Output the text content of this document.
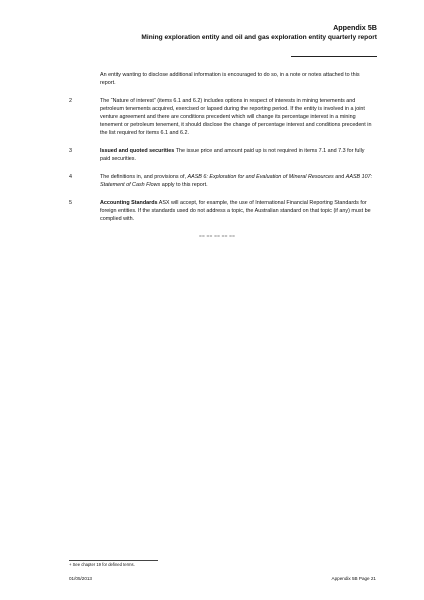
Appendix 5B
Mining exploration entity and oil and gas exploration entity quarterly report
An entity wanting to disclose additional information is encouraged to do so, in a note or notes attached to this report.
2	The “Nature of interest” (items 6.1 and 6.2) includes options in respect of interests in mining tenements and petroleum tenements acquired, exercised or lapsed during the reporting period. If the entity is involved in a joint venture agreement and there are conditions precedent which will change its percentage interest in a mining tenement or petroleum tenement, it should disclose the change of percentage interest and conditions precedent in the list required for items 6.1 and 6.2.
3	Issued and quoted securities The issue price and amount paid up is not required in items 7.1 and 7.3 for fully paid securities.
4	The definitions in, and provisions of, AASB 6: Exploration for and Evaluation of Mineral Resources and AASB 107: Statement of Cash Flows apply to this report.
5	Accounting Standards ASX will accept, for example, the use of International Financial Reporting Standards for foreign entities. If the standards used do not address a topic, the Australian standard on that topic (if any) must be complied with.
== == == == ==
+ See chapter 19 for defined terms.
01/05/2013	Appendix 5B Page 21
